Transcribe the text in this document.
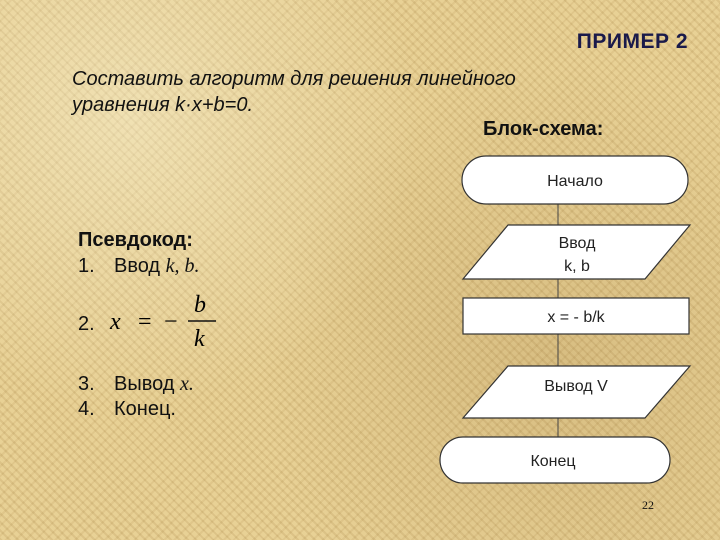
ПРИМЕР 2
Составить алгоритм для решения линейного
уравнения k·x+b=0.
Блок-схема:
Псевдокод:
1. Ввод k, b.
2. x = −
b
k
3. Вывод x.
4. Конец.
Начало
Ввод
k, b
x = - b/k
Вывод V
Конец
22
